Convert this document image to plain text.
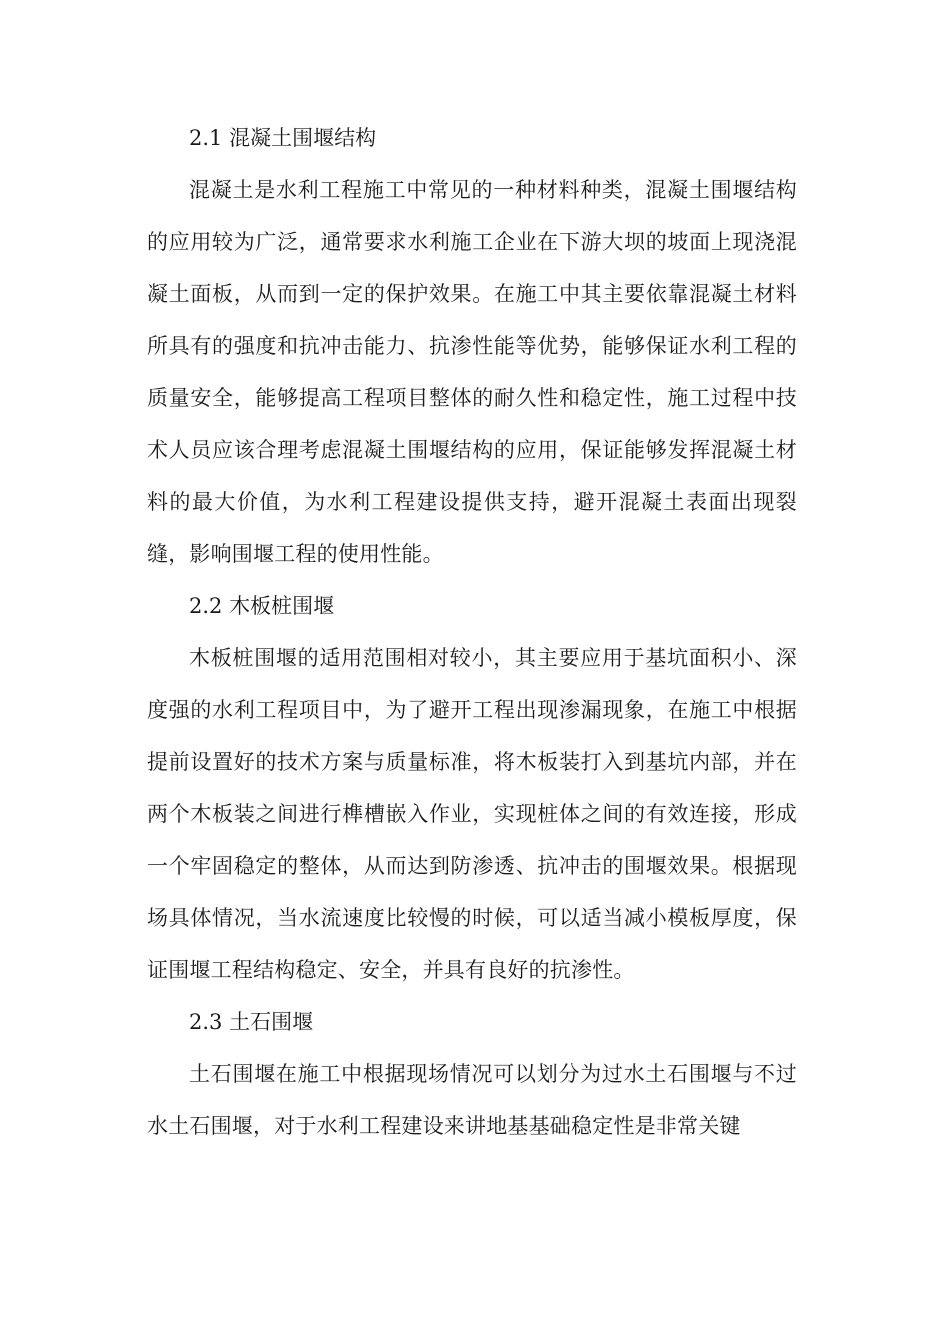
2.1 混凝土围堰结构

混凝土是水利工程施工中常见的一种材料种类，混凝土围堰结构的应用较为广泛，通常要求水利施工企业在下游大坝的坡面上现浇混凝土面板，从而到一定的保护效果。在施工中其主要依靠混凝土材料所具有的强度和抗冲击能力、抗渗性能等优势，能够保证水利工程的质量安全，能够提高工程项目整体的耐久性和稳定性，施工过程中技术人员应该合理考虑混凝土围堰结构的应用，保证能够发挥混凝土材料的最大价值，为水利工程建设提供支持，避开混凝土表面出现裂缝，影响围堰工程的使用性能。

2.2 木板桩围堰

木板桩围堰的适用范围相对较小，其主要应用于基坑面积小、深度强的水利工程项目中，为了避开工程出现渗漏现象，在施工中根据提前设置好的技术方案与质量标准，将木板装打入到基坑内部，并在两个木板装之间进行榫槽嵌入作业，实现桩体之间的有效连接，形成一个牢固稳定的整体，从而达到防渗透、抗冲击的围堰效果。根据现场具体情况，当水流速度比较慢的时候，可以适当减小模板厚度，保证围堰工程结构稳定、安全，并具有良好的抗渗性。

2.3 土石围堰

土石围堰在施工中根据现场情况可以划分为过水土石围堰与不过水土石围堰，对于水利工程建设来讲地基基础稳定性是非常关键
